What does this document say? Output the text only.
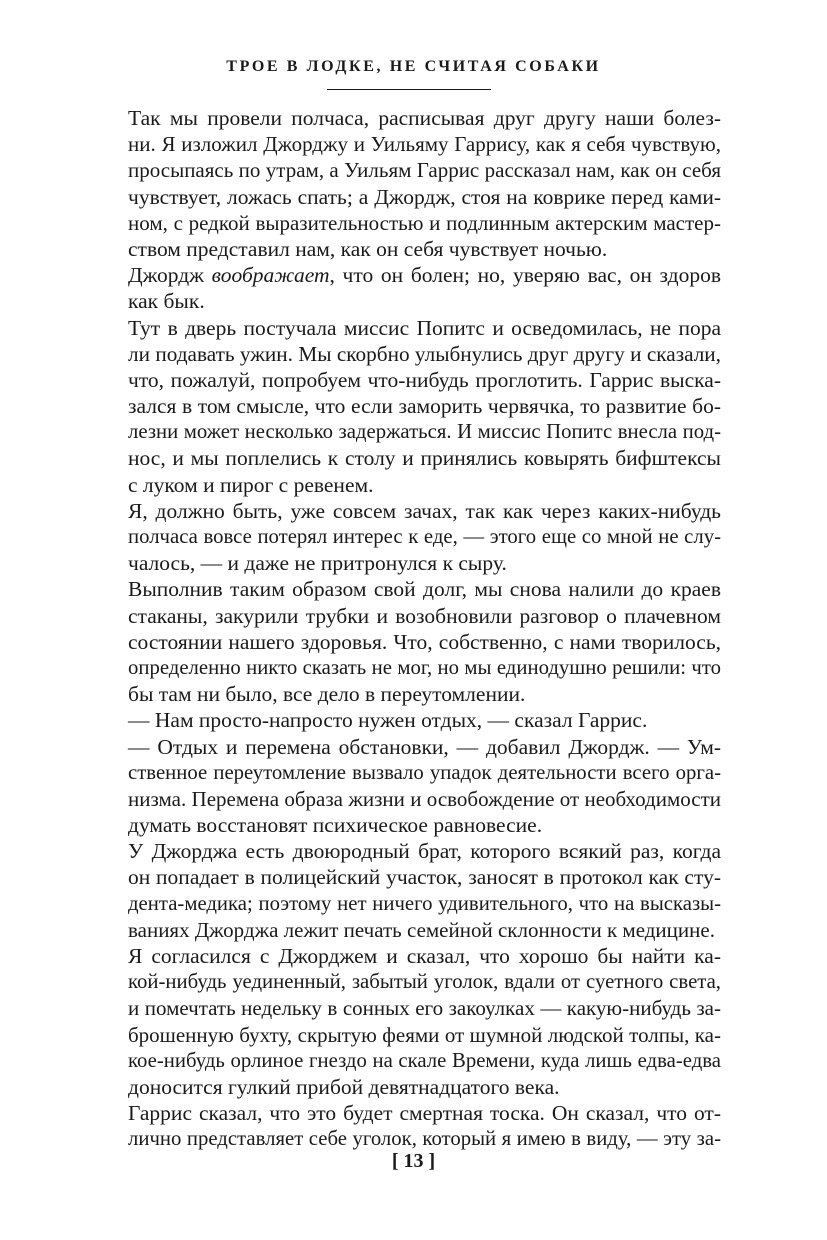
ТРОЕ В ЛОДКЕ, НЕ СЧИТАЯ СОБАКИ

Так мы провели полчаса, расписывая друг другу наши болез-
ни. Я изложил Джорджу и Уильяму Гаррису, как я себя чувствую,
просыпаясь по утрам, а Уильям Гаррис рассказал нам, как он себя
чувствует, ложась спать; а Джордж, стоя на коврике перед ками-
ном, с редкой выразительностью и подлинным актерским мастер-
ством представил нам, как он себя чувствует ночью.

Джордж воображает, что он болен; но, уверяю вас, он здоров
как бык.

Тут в дверь постучала миссис Попитс и осведомилась, не пора
ли подавать ужин. Мы скорбно улыбнулись друг другу и сказали,
что, пожалуй, попробуем что-нибудь проглотить. Гаррис выска-
зался в том смысле, что если заморить червячка, то развитие бо-
лезни может несколько задержаться. И миссис Попитс внесла под-
нос, и мы поплелись к столу и принялись ковырять бифштексы
с луком и пирог с ревенем.

Я, должно быть, уже совсем зачах, так как через каких-нибудь
полчаса вовсе потерял интерес к еде, — этого еще со мной не слу-
чалось, — и даже не притронулся к сыру.

Выполнив таким образом свой долг, мы снова налили до краев
стаканы, закурили трубки и возобновили разговор о плачевном
состоянии нашего здоровья. Что, собственно, с нами творилось,
определенно никто сказать не мог, но мы единодушно решили: что
бы там ни было, все дело в переутомлении.

— Нам просто-напросто нужен отдых, — сказал Гаррис.

— Отдых и перемена обстановки, — добавил Джордж. — Ум-
ственное переутомление вызвало упадок деятельности всего орга-
низма. Перемена образа жизни и освобождение от необходимости
думать восстановят психическое равновесие.

У Джорджа есть двоюродный брат, которого всякий раз, когда
он попадает в полицейский участок, заносят в протокол как сту-
дента-медика; поэтому нет ничего удивительного, что на высказы-
ваниях Джорджа лежит печать семейной склонности к медицине.

Я согласился с Джорджем и сказал, что хорошо бы найти ка-
кой-нибудь уединенный, забытый уголок, вдали от суетного света,
и помечтать недельку в сонных его закоулках — какую-нибудь за-
брошенную бухту, скрытую феями от шумной людской толпы, ка-
кое-нибудь орлиное гнездо на скале Времени, куда лишь едва-едва
доносится гулкий прибой девятнадцатого века.

Гаррис сказал, что это будет смертная тоска. Он сказал, что от-
лично представляет себе уголок, который я имею в виду, — эту за-

[ 13 ]
